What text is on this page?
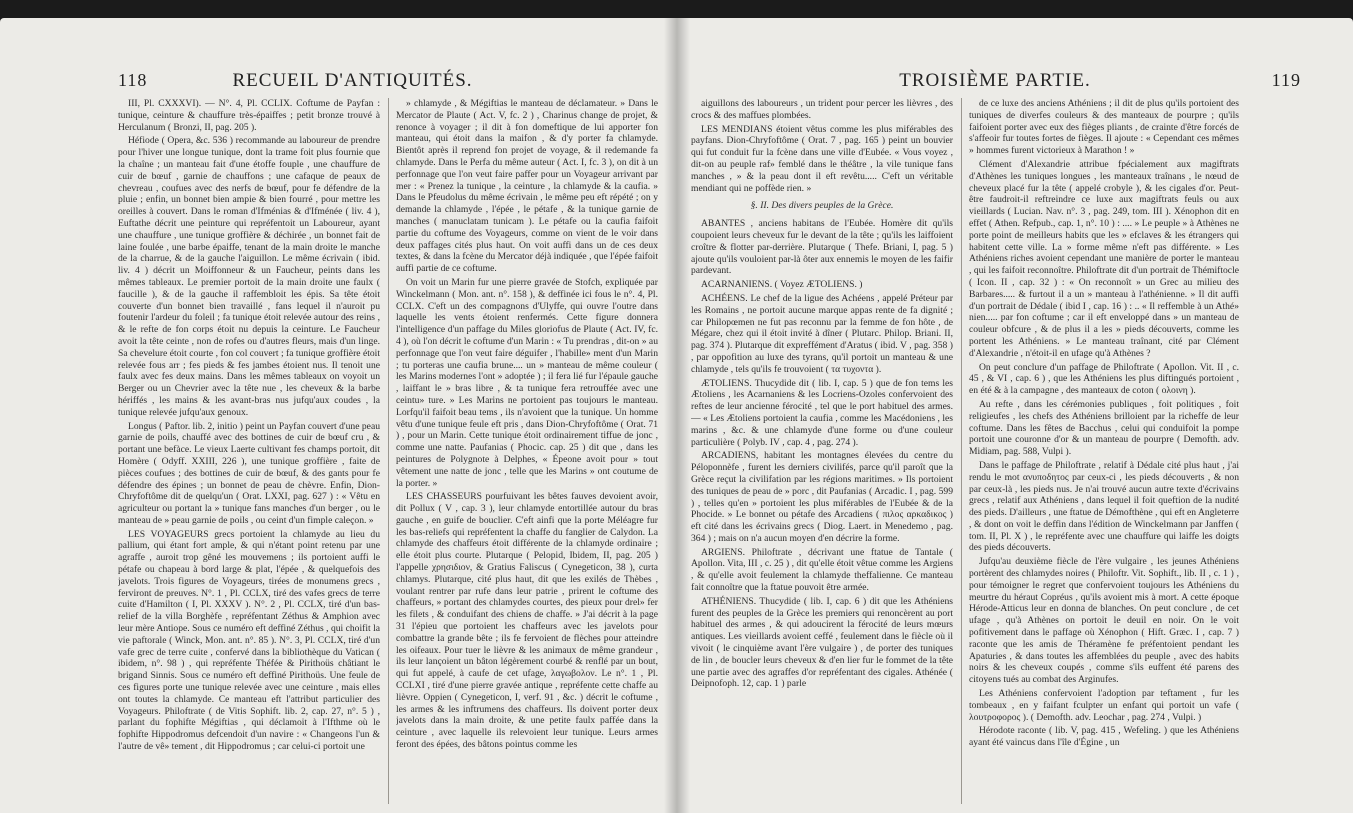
118	RECUEIL D'ANTIQUITÉS.

III, Pl. CXXXVI). — N°. 4, Pl. CCLIX. Coftume de Payfan : tunique, ceinture & chauffure très-épaiffes ; petit bronze trouvé à Herculanum ( Bronzi, II, pag. 205 ).

Héfiode ( Opera, &c. 536 ) recommande au laboureur de prendre pour l'hiver une longue tunique, dont la trame foit plus fournie que la chaîne ; un manteau fait d'une étoffe fouple , une chauffure de cuir de bœuf , garnie de chauffons ; une cafaque de peaux de chevreau , coufues avec des nerfs de bœuf, pour fe défendre de la pluie ; enfin, un bonnet bien ampie & bien fourré , pour mettre les oreilles à couvert. Dans le roman d'Ifménias & d'Ifménée ( liv. 4 ), Euftathe décrit une peinture qui repréfentoit un Laboureur, ayant une chauffure , une tunique groffière & déchirée , un bonnet fait de laine foulée , une barbe épaiffe, tenant de la main droite le manche de la charrue, & de la gauche l'aiguillon. Le même écrivain ( ibid. liv. 4 ) décrit un Moiffonneur & un Faucheur, peints dans les mêmes tableaux. Le premier portoit de la main droite une faulx ( faucille ), & de la gauche il raffembloit les épis. Sa tête étoit couverte d'un bonnet bien travaillé , fans lequel il n'auroit pu foutenir l'ardeur du foleil ; fa tunique étoit relevée autour des reins , & le refte de fon corps étoit nu depuis la ceinture. Le Faucheur avoit la tête ceinte , non de rofes ou d'autres fleurs, mais d'un linge. Sa chevelure étoit courte , fon col couvert ; fa tunique groffière étoit relevée fous arr ; fes pieds & fes jambes étoient nus. Il tenoit une faulx avec fes deux mains. Dans les mêmes tableaux on voyoit un Berger ou un Chevrier avec la tête nue , les cheveux & la barbe hériffés , les mains & les avant-bras nus jufqu'aux coudes , la tunique relevée jufqu'aux genoux.

Longus ( Paftor. lib. 2, initio ) peint un Payfan couvert d'une peau garnie de poils, chauffé avec des bottines de cuir de bœuf cru , & portant une befàce. Le vieux Laerte cultivant fes champs portoit, dit Homère ( Odyff. XXIII, 226 ), une tunique groffière , faite de pièces coufues ; des bottines de cuir de bœuf, & des gants pour fe défendre des épines ; un bonnet de peau de chèvre. Enfin, Dion-Chryfoftôme dit de quelqu'un ( Orat. LXXI, pag. 627 ) : « Vêtu en agriculteur ou portant la » tunique fans manches d'un berger , ou le manteau de » peau garnie de poils , ou ceint d'un fimple caleçon. »

LES VOYAGEURS grecs portoient la chlamyde au lieu du pallium, qui étant fort ample, & qui n'étant point retenu par une agraffe , auroit trop gêné les mouvemens ; ils portoient auffi le pétafe ou chapeau à bord large & plat, l'épée , & quelquefois des javelots. Trois figures de Voyageurs, tirées de monumens grecs , ferviront de preuves. N°. 1 , Pl. CCLX, tiré des vafes grecs de terre cuite d'Hamilton ( I, Pl. XXXV ). N°. 2 , Pl. CCLX, tiré d'un bas-relief de la villa Borghèfe , repréfentant Zéthus & Amphion avec leur mère Antiope. Sous ce numéro eft deffiné Zéthus , qui choifit la vie paftorale ( Winck, Mon. ant. n°. 85 ). N°. 3, Pl. CCLX, tiré d'un vafe grec de terre cuite , confervé dans la bibliothèque du Vatican ( ibidem, n°. 98 ) , qui repréfente Théfée & Pirithoüs châtiant le brigand Sinnis. Sous ce numéro eft deffiné Pirithoüs. Une feule de ces figures porte une tunique relevée avec une ceinture , mais elles ont toutes la chlamyde. Ce manteau eft l'attribut particulier des Voyageurs. Philoftrate ( de Vitis Sophift. lib. 2, cap. 27, n°. 5 ) , parlant du fophifte Mégiftias , qui déclamoit à l'Ifthme où le fophifte Hippodromus defcendoit d'un navire : « Changeons l'un & l'autre de vê» tement , dit Hippodromus ; car celui-ci portoit une

» chlamyde , & Mégiftias le manteau de déclamateur. » Dans le Mercator de Plaute ( Act. V, fc. 2 ) , Charinus change de projet, & renonce à voyager ; il dit à fon domeftique de lui apporter fon manteau, qui étoit dans la maifon , & d'y porter fa chlamyde. Bientôt après il reprend fon projet de voyage, & il redemande fa chlamyde. Dans le Perfa du même auteur ( Act. I, fc. 3 ), on dit à un perfonnage que l'on veut faire paffer pour un Voyageur arrivant par mer : « Prenez la tunique , la ceinture , la chlamyde & la caufia. » Dans le Pfeudolus du même écrivain , le même peu eft répété ; on y demande la chlamyde , l'épée , le pétafe , & la tunique garnie de manches ( manuclatam tunicam ). Le pétafe ou la caufia faifoit partie du coftume des Voyageurs, comme on vient de le voir dans deux paffages cités plus haut. On voit auffi dans un de ces deux textes, & dans la fcène du Mercator déjà indiquée , que l'épée faifoit auffi partie de ce coftume.

On voit un Marin fur une pierre gravée de Stofch, expliquée par Winckelmann ( Mon. ant. n°. 158 ), & deffinée ici fous le n°. 4, Pl. CCLX. C'eft un des compagnons d'Ulyffe, qui ouvre l'outre dans laquelle les vents étoient renfermés. Cette figure donnera l'intelligence d'un paffage du Miles gloriofus de Plaute ( Act. IV, fc. 4 ), où l'on décrit le coftume d'un Marin : « Tu prendras , dit-on » au perfonnage que l'on veut faire déguifer , l'habille» ment d'un Marin ; tu porteras une caufia brune.... un » manteau de même couleur ( les Marins modernes l'ont » adoptée ) ; il fera lié fur l'épaule gauche , laiffant le » bras libre , & ta tunique fera retrouffée avec une ceintu» ture. » Les Marins ne portoient pas toujours le manteau. Lorfqu'il faifoit beau tems , ils n'avoient que la tunique. Un homme vêtu d'une tunique feule eft pris , dans Dion-Chryfoftôme ( Orat. 71 ) , pour un Marin. Cette tunique étoit ordinairement tiffue de jonc , comme une natte. Paufanias ( Phocic. cap. 25 ) dit que , dans les peintures de Polygnote à Delphes, « Épeone avoit pour » tout vêtement une natte de jonc , telle que les Marins » ont coutume de la porter. »

LES CHASSEURS pourfuivant les bêtes fauves devoient avoir, dit Pollux ( V , cap. 3 ), leur chlamyde entortillée autour du bras gauche , en guife de bouclier. C'eft ainfi que la porte Méléagre fur les bas-reliefs qui repréfentent la chaffe du fanglier de Calydon. La chlamyde des chaffeurs étoit différente de la chlamyde ordinaire ; elle étoit plus courte. Plutarque ( Pelopid, Ibidem, II, pag. 205 ) l'appelle χρησιδιον, & Gratius Faliscus ( Cynegeticon, 38 ), curta chlamys. Plutarque, cité plus haut, dit que les exilés de Thèbes , voulant rentrer par rufe dans leur patrie , prirent le coftume des chaffeurs, » portant des chlamydes courtes, des pieux pour drel» fer les filets , & conduifant des chiens de chaffe. » J'ai décrit à la page 31 l'épieu que portoient les chaffeurs avec les javelots pour combattre la grande bête ; ils fe fervoient de flèches pour atteindre les oifeaux. Pour tuer le lièvre & les animaux de même grandeur , ils leur lançoient un bâton légèrement courbé & renflé par un bout, qui fut appelé, à caufe de cet ufage, λαγωβολον. Le n°. 1 , Pl. CCLXI , tiré d'une pierre gravée antique , repréfente cette chaffe au lièvre. Oppien ( Cynegeticon, I, verf. 91 , &c. ) décrit le coftume , les armes & les inftrumens des chaffeurs. Ils doivent porter deux javelots dans la main droite, & une petite faulx paffée dans la ceinture , avec laquelle ils relevoient leur tunique. Leurs armes feront des épées, des bâtons pointus comme les

TROISIÈME PARTIE.	119

aiguillons des laboureurs , un trident pour percer les lièvres , des crocs & des maffues plombées.

LES MENDIANS étoient vêtus comme les plus miférables des payfans. Dion-Chryfoftôme ( Orat. 7 , pag. 165 ) peint un bouvier qui fut conduit fur la fcène dans une ville d'Eubée. « Vous voyez , dit-on au peuple raf» femblé dans le théâtre , la vile tunique fans manches , » & la peau dont il eft revêtu..... C'eft un véritable mendiant qui ne poffède rien. »

§. II. Des divers peuples de la Grèce.

ABANTES , anciens habitans de l'Eubée. Homère dit qu'ils coupoient leurs cheveux fur le devant de la tête ; qu'ils les laiffoient croître & flotter par-derrière. Plutarque ( Thefe. Briani, I, pag. 5 ) ajoute qu'ils vouloient par-là ôter aux ennemis le moyen de les faifir pardevant.

ACARNANIENS. ( Voyez ÆTOLIENS. )

ACHÉENS. Le chef de la ligue des Achéens , appelé Préteur par les Romains , ne portoit aucune marque appas rente de fa dignité ; car Philopœmen ne fut pas reconnu par la femme de fon hôte , de Mégare, chez qui il étoit invité à dîner ( Plutarc. Philop. Briani. II, pag. 374 ). Plutarque dit expreffément d'Aratus ( ibid. V , pag. 358 ) , par oppofition au luxe des tyrans, qu'il portoit un manteau & une chlamyde , tels qu'ils fe trouvoient ( τα τυχοντα ).

ÆTOLIENS. Thucydide dit ( lib. I, cap. 5 ) que de fon tems les Ætoliens , les Acarnaniens & les Locriens-Ozoles confervoient des reftes de leur ancienne férocité , tel que le port habituel des armes. — « Les Ætoliens portoient la caufia , comme les Macédoniens , les marins , &c. & une chlamyde d'une forme ou d'une couleur particulière ( Polyb. IV , cap. 4 , pag. 274 ).

ARCADIENS, habitant les montagnes élevées du centre du Péloponnèfe , furent les derniers civilifés, parce qu'il paroît que la Grèce reçut la civilifation par les régions maritimes. » Ils portoient des tuniques de peau de » porc , dit Paufanias ( Arcadic. I , pag. 599 ) , telles qu'en » portoient les plus miférables de l'Eubée & de la Phocide. » Le bonnet ou pétafe des Arcadiens ( πιλος αρκαδικος ) eft cité dans les écrivains grecs ( Diog. Laert. in Menedemo , pag. 364 ) ; mais on n'a aucun moyen d'en décrire la forme.

ARGIENS. Philoftrate , décrivant une ftatue de Tantale ( Apollon. Vita, III , c. 25 ) , dit qu'elle étoit vêtue comme les Argiens , & qu'elle avoit feulement la chlamyde theffalienne. Ce manteau fait connoître que la ftatue pouvoit être armée.

ATHÉNIENS. Thucydide ( lib. I, cap. 6 ) dit que les Athéniens furent des peuples de la Grèce les premiers qui renoncèrent au port habituel des armes , & qui adoucirent la férocité de leurs mœurs antiques. Les vieillards avoient ceffé , feulement dans le fiècle où il vivoit ( le cinquième avant l'ère vulgaire ) , de porter des tuniques de lin , de boucler leurs cheveux & d'en lier fur le fommet de la tête une partie avec des agraffes d'or repréfentant des cigales. Athénée ( Deipnofoph. 12, cap. 1 ) parle

de ce luxe des anciens Athéniens ; il dit de plus qu'ils portoient des tuniques de diverfes couleurs & des manteaux de pourpre ; qu'ils faifoient porter avec eux des fièges pliants , de crainte d'être forcés de s'affeoir fur toutes fortes de fièges. Il ajoute : « Cependant ces mêmes » hommes furent victorieux à Marathon ! »

Clément d'Alexandrie attribue fpécialement aux magiftrats d'Athènes les tuniques longues , les manteaux traînans , le nœud de cheveux placé fur la tête ( appelé crobyle ), & les cigales d'or. Peut-être faudroit-il reftreindre ce luxe aux magiftrats feuls ou aux vieillards ( Lucian. Nav. n°. 3 , pag. 249, tom. III ). Xénophon dit en effet ( Athen. Refpub., cap. 1, n°. 10 ) : .... » Le peuple » à Athènes ne porte point de meilleurs habits que les » efclaves & les étrangers qui habitent cette ville. La » forme même n'eft pas différente. » Les Athéniens riches avoient cependant une manière de porter le manteau , qui les faifoit reconnoître. Philoftrate dit d'un portrait de Thémiftocle ( Icon. II , cap. 32 ) : « On reconnoît » un Grec au milieu des Barbares..... & furtout il a un » manteau à l'athénienne. » Il dit auffi d'un portrait de Dédale ( ibid I , cap. 16 ) : .. « Il reffemble à un Athé» nien..... par fon coftume ; car il eft enveloppé dans » un manteau de couleur obfcure , & de plus il a les » pieds découverts, comme les portent les Athéniens. » Le manteau traînant, cité par Clément d'Alexandrie , n'étoit-il en ufage qu'à Athènes ?

On peut conclure d'un paffage de Philoftrate ( Apollon. Vit. II , c. 45 , & VI , cap. 6 ) , que les Athéniens les plus diftingués portoient , en été & à la campagne , des manteaux de coton ( ολοινη ).

Au refte , dans les cérémonies publiques , foit politiques , foit religieufes , les chefs des Athéniens brilloient par la richeffe de leur coftume. Dans les fêtes de Bacchus , celui qui conduifoit la pompe portoit une couronne d'or & un manteau de pourpre ( Demofth. adv. Midiam, pag. 588, Vulpi ).

Dans le paffage de Philoftrate , relatif à Dédale cité plus haut , j'ai rendu le mot ανυποδητος par ceux-ci , les pieds découverts , & non par ceux-là , les pieds nus. Je n'ai trouvé aucun autre texte d'écrivains grecs , relatif aux Athéniens , dans lequel il foit queftion de la nudité des pieds. D'ailleurs , une ftatue de Démofthène , qui eft en Angleterre , & dont on voit le deffin dans l'édition de Winckelmann par Janffen ( tom. II, Pl. X ) , le repréfente avec une chauffure qui laiffe les doigts des pieds découverts.

Jufqu'au deuxième fiècle de l'ère vulgaire , les jeunes Athéniens portèrent des chlamydes noires ( Philoftr. Vit. Sophift., lib. II , c. 1 ) , pour témoigner le regret que confervoient toujours les Athéniens du meurtre du héraut Copréus , qu'ils avoient mis à mort. A cette époque Hérode-Atticus leur en donna de blanches. On peut conclure , de cet ufage , qu'à Athènes on portoit le deuil en noir. On le voit pofitivement dans le paffage où Xénophon ( Hift. Græc. I , cap. 7 ) raconte que les amis de Théramène fe préfentoient pendant les Apaturies , & dans toutes les affemblées du peuple , avec des habits noirs & les cheveux coupés , comme s'ils euffent été parens des citoyens tués au combat des Arginufes.

Les Athéniens confervoient l'adoption par teftament , fur les tombeaux , en y faifant fculpter un enfant qui portoit un vafe ( λουτροφορος ). ( Demofth. adv. Leochar , pag. 274 , Vulpi. )

Hérodote raconte ( lib. V, pag. 415 , Wefeling. ) que les Athéniens ayant été vaincus dans l'île d'Égine , un
